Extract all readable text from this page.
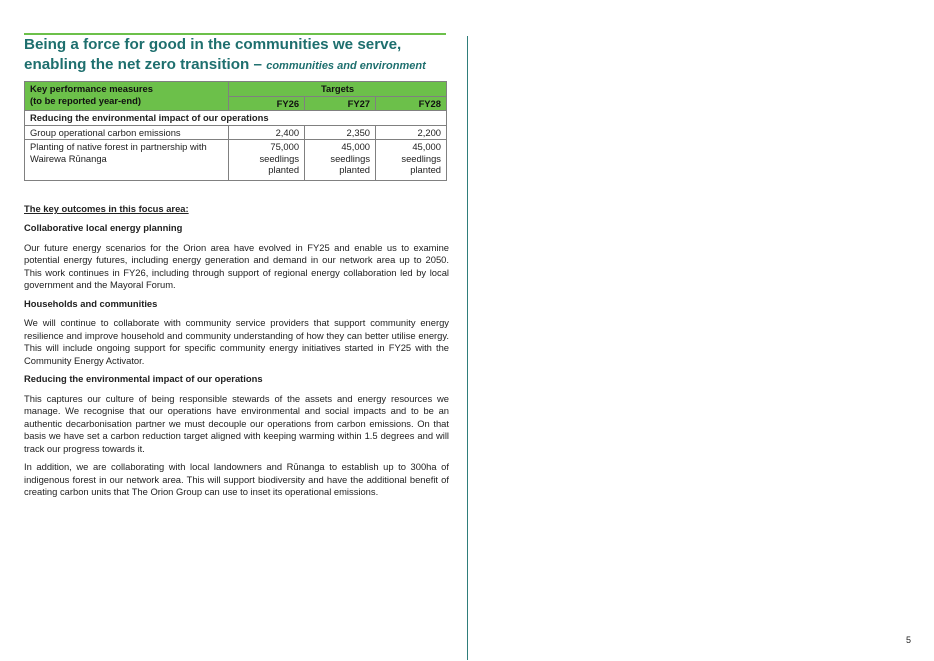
Being a force for good in the communities we serve,
enabling the net zero transition – communities and environment
Key performance measures
(to be reported year-end)	Targets		
	FY26	FY27	FY28
Reducing the environmental impact of our operations			
Group operational carbon emissions	2,400	2,350	2,200
Planting of native forest in partnership with Wairewa Rūnanga	75,000 seedlings planted	45,000 seedlings planted	45,000 seedlings planted

The key outcomes in this focus area:

Collaborative local energy planning

Our future energy scenarios for the Orion area have evolved in FY25 and enable us to examine potential energy futures, including energy generation and demand in our network area up to 2050. This work continues in FY26, including through support of regional energy collaboration led by local government and the Mayoral Forum.

Households and communities

We will continue to collaborate with community service providers that support community energy resilience and improve household and community understanding of how they can better utilise energy. This will include ongoing support for specific community energy initiatives started in FY25 with the Community Energy Activator.

Reducing the environmental impact of our operations

This captures our culture of being responsible stewards of the assets and energy resources we manage. We recognise that our operations have environmental and social impacts and to be an authentic decarbonisation partner we must decouple our operations from carbon emissions. On that basis we have set a carbon reduction target aligned with keeping warming within 1.5 degrees and will track our progress towards it.

In addition, we are collaborating with local landowners and Rūnanga to establish up to 300ha of indigenous forest in our network area. This will support biodiversity and have the additional benefit of creating carbon units that The Orion Group can use to inset its operational emissions.

5
